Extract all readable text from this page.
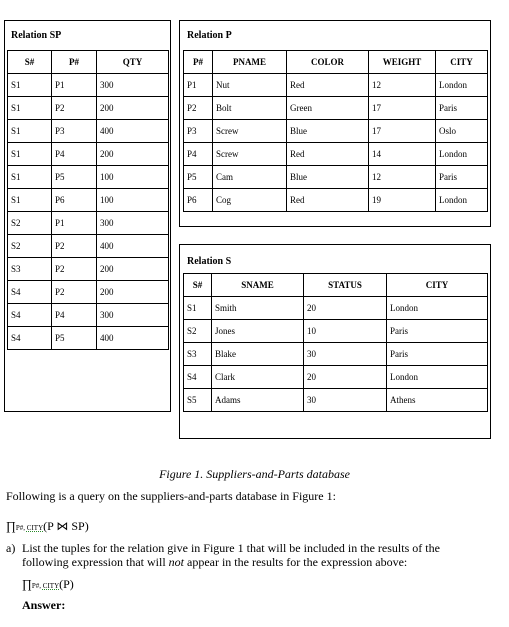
Relation SP
S#	P#	QTY
S1	P1	300
S1	P2	200
S1	P3	400
S1	P4	200
S1	P5	100
S1	P6	100
S2	P1	300
S2	P2	400
S3	P2	200
S4	P2	200
S4	P4	300
S4	P5	400
Relation P
P#	PNAME	COLOR	WEIGHT	CITY
P1	Nut	Red	12	London
P2	Bolt	Green	17	Paris
P3	Screw	Blue	17	Oslo
P4	Screw	Red	14	London
P5	Cam	Blue	12	Paris
P6	Cog	Red	19	London
Relation S
S#	SNAME	STATUS	CITY
S1	Smith	20	London
S2	Jones	10	Paris
S3	Blake	30	Paris
S4	Clark	20	London
S5	Adams	30	Athens
Figure 1. Suppliers-and-Parts database
Following is a query on the suppliers-and-parts database in Figure 1:
∏P#, CITY(P ⋈ SP)
a) List the tuples for the relation give in Figure 1 that will be included in the results of the
following expression that will not appear in the results for the expression above:
∏P#, CITY(P)
Answer:
